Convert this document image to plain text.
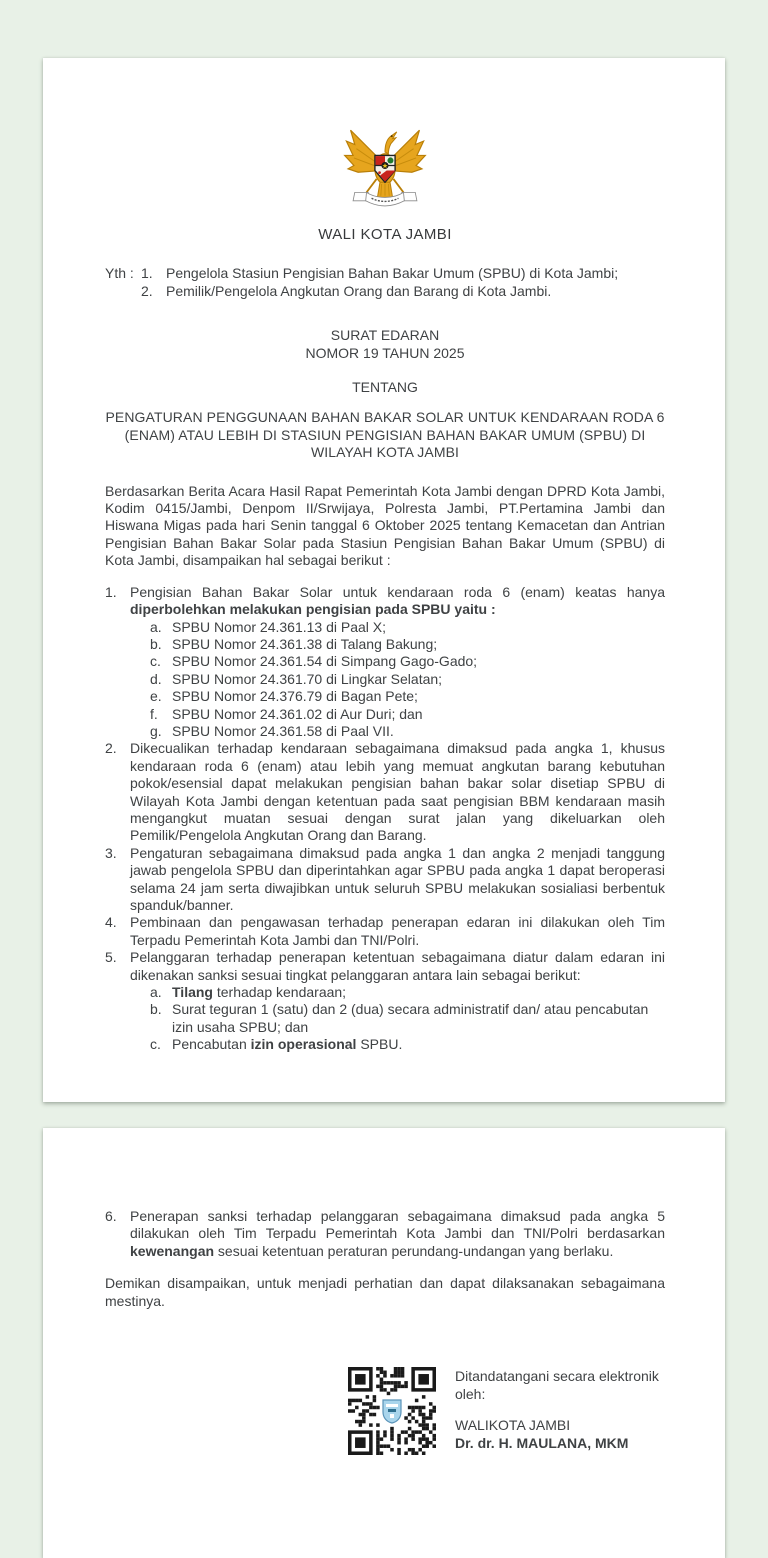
WALI KOTA JAMBI
Yth : 1. Pengelola Stasiun Pengisian Bahan Bakar Umum (SPBU) di Kota Jambi;
2. Pemilik/Pengelola Angkutan Orang dan Barang di Kota Jambi.
SURAT EDARAN
NOMOR 19 TAHUN 2025
TENTANG
PENGATURAN PENGGUNAAN BAHAN BAKAR SOLAR UNTUK KENDARAAN RODA 6 (ENAM) ATAU LEBIH DI STASIUN PENGISIAN BAHAN BAKAR UMUM (SPBU) DI WILAYAH KOTA JAMBI

Berdasarkan Berita Acara Hasil Rapat Pemerintah Kota Jambi dengan DPRD Kota Jambi, Kodim 0415/Jambi, Denpom II/Srwijaya, Polresta Jambi, PT.Pertamina Jambi dan Hiswana Migas pada hari Senin tanggal 6 Oktober 2025 tentang Kemacetan dan Antrian Pengisian Bahan Bakar Solar pada Stasiun Pengisian Bahan Bakar Umum (SPBU) di Kota Jambi, disampaikan hal sebagai berikut :

1. Pengisian Bahan Bakar Solar untuk kendaraan roda 6 (enam) keatas hanya diperbolehkan melakukan pengisian pada SPBU yaitu :
a. SPBU Nomor 24.361.13 di Paal X;
b. SPBU Nomor 24.361.38 di Talang Bakung;
c. SPBU Nomor 24.361.54 di Simpang Gago-Gado;
d. SPBU Nomor 24.361.70 di Lingkar Selatan;
e. SPBU Nomor 24.376.79 di Bagan Pete;
f.	SPBU Nomor 24.361.02 di Aur Duri; dan
g. SPBU Nomor 24.361.58 di Paal VII.
2. Dikecualikan terhadap kendaraan sebagaimana dimaksud pada angka 1, khusus kendaraan roda 6 (enam) atau lebih yang memuat angkutan barang kebutuhan pokok/esensial dapat melakukan pengisian bahan bakar solar disetiap SPBU di Wilayah Kota Jambi dengan ketentuan pada saat pengisian BBM kendaraan masih mengangkut muatan sesuai dengan surat jalan yang dikeluarkan oleh Pemilik/Pengelola Angkutan Orang dan Barang.
3. Pengaturan sebagaimana dimaksud pada angka 1 dan angka 2 menjadi tanggung jawab pengelola SPBU dan diperintahkan agar SPBU pada angka 1 dapat beroperasi selama 24 jam serta diwajibkan untuk seluruh SPBU melakukan sosialiasi berbentuk spanduk/banner.
4. Pembinaan dan pengawasan terhadap penerapan edaran ini dilakukan oleh Tim Terpadu Pemerintah Kota Jambi dan TNI/Polri.
5. Pelanggaran terhadap penerapan ketentuan sebagaimana diatur dalam edaran ini dikenakan sanksi sesuai tingkat pelanggaran antara lain sebagai berikut:
a. Tilang terhadap kendaraan;
b. Surat teguran 1 (satu) dan 2 (dua) secara administratif dan/ atau pencabutan izin usaha SPBU; dan
c. Pencabutan izin operasional SPBU.
6. Penerapan sanksi terhadap pelanggaran sebagaimana dimaksud pada angka 5 dilakukan oleh Tim Terpadu Pemerintah Kota Jambi dan TNI/Polri berdasarkan kewenangan sesuai ketentuan peraturan perundang-undangan yang berlaku.

Demikan disampaikan, untuk menjadi perhatian dan dapat dilaksanakan sebagaimana mestinya.

Ditandatangani secara elektronik
oleh:
WALIKOTA JAMBI
Dr. dr. H. MAULANA, MKM
